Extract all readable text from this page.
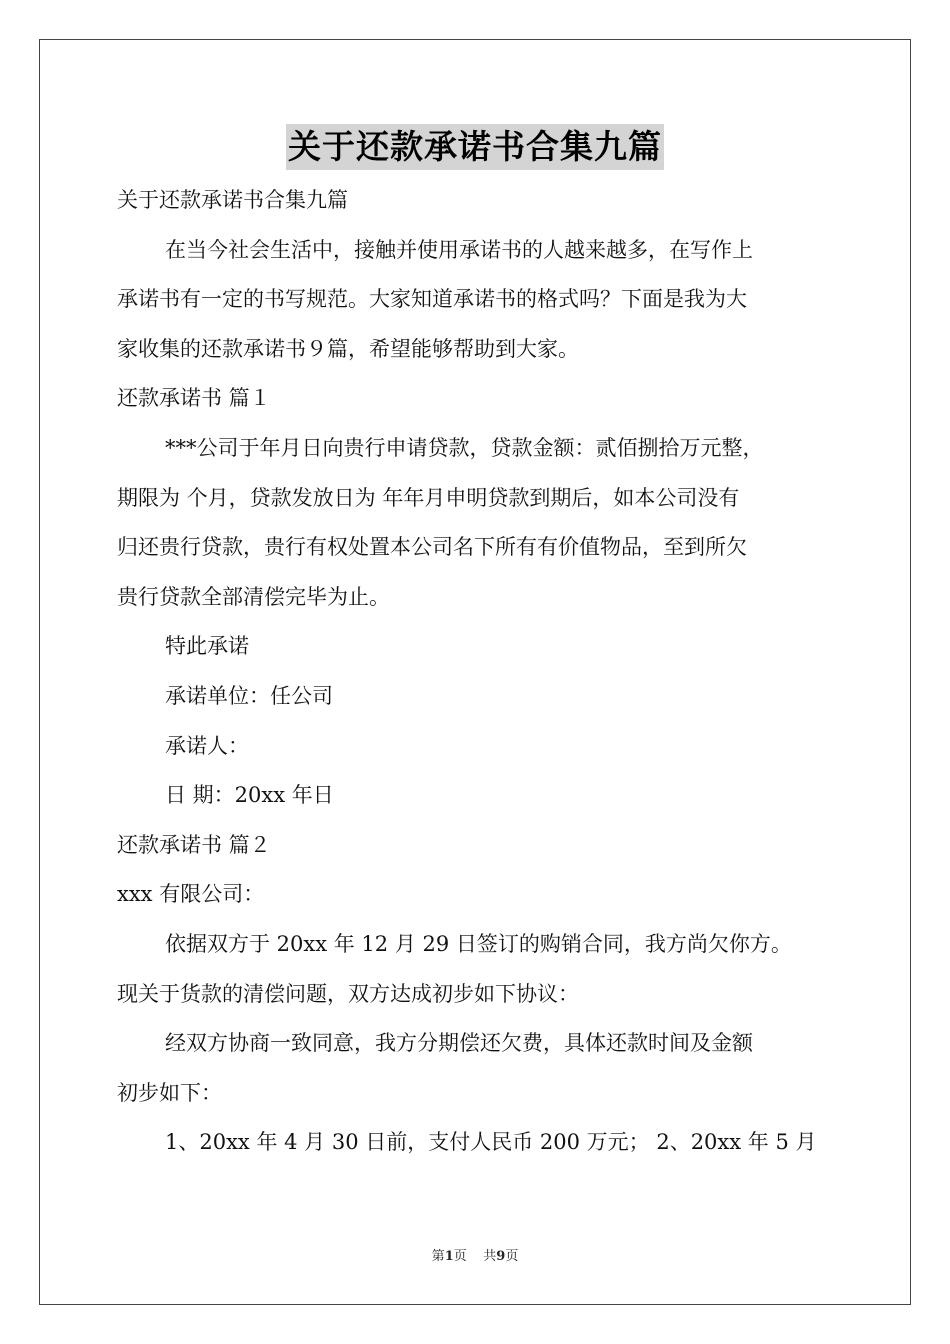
关于还款承诺书合集九篇
关于还款承诺书合集九篇
在当今社会生活中，接触并使用承诺书的人越来越多，在写作上
承诺书有一定的书写规范。大家知道承诺书的格式吗？下面是我为大
家收集的还款承诺书９篇，希望能够帮助到大家。
还款承诺书 篇１
***公司于年月日向贵行申请贷款，贷款金额：贰佰捌拾万元整，
期限为 个月，贷款发放日为 年年月申明贷款到期后，如本公司没有
归还贵行贷款，贵行有权处置本公司名下所有有价值物品，至到所欠
贵行贷款全部清偿完毕为止。
特此承诺
承诺单位：任公司
承诺人：
日 期：20xx 年日
还款承诺书 篇２
xxx 有限公司：
依据双方于 20xx 年 12 月 29 日签订的购销合同，我方尚欠你方。
现关于货款的清偿问题，双方达成初步如下协议：
经双方协商一致同意，我方分期偿还欠费，具体还款时间及金额
初步如下：
1、20xx 年 4 月 30 日前，支付人民币 200 万元； 2、20xx 年 5 月
第1页    共9页
